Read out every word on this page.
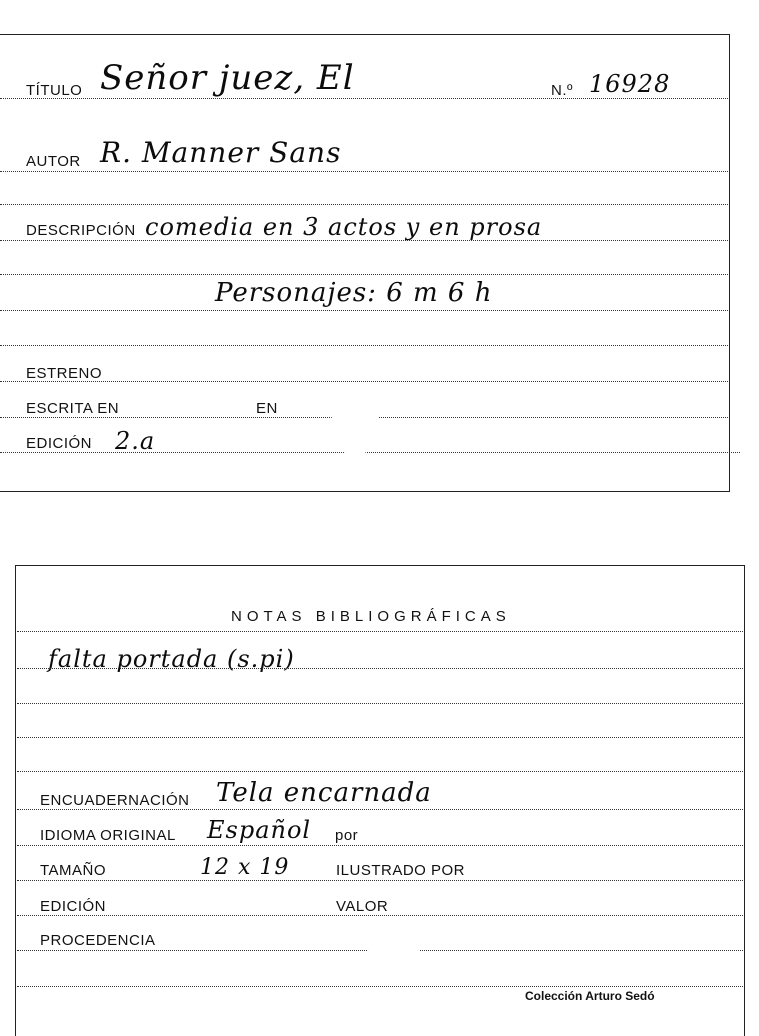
TÍTULO Señor juez, El	N.º 16928
AUTOR R. Manner Sans
DESCRIPCIÓN comedia en 3 actos y en prosa
Personajes: 6 m 6 h
ESTRENO
ESCRITA EN	EN
EDICIÓN 2.a
NOTAS BIBLIOGRÁFICAS
falta portada (s.pi)
ENCUADERNACIÓN Tela encarnada
IDIOMA ORIGINAL Español por
TAMAÑO	12 x 19	ILUSTRADO POR
EDICIÓN	VALOR
PROCEDENCIA
Colección Arturo Sedó
